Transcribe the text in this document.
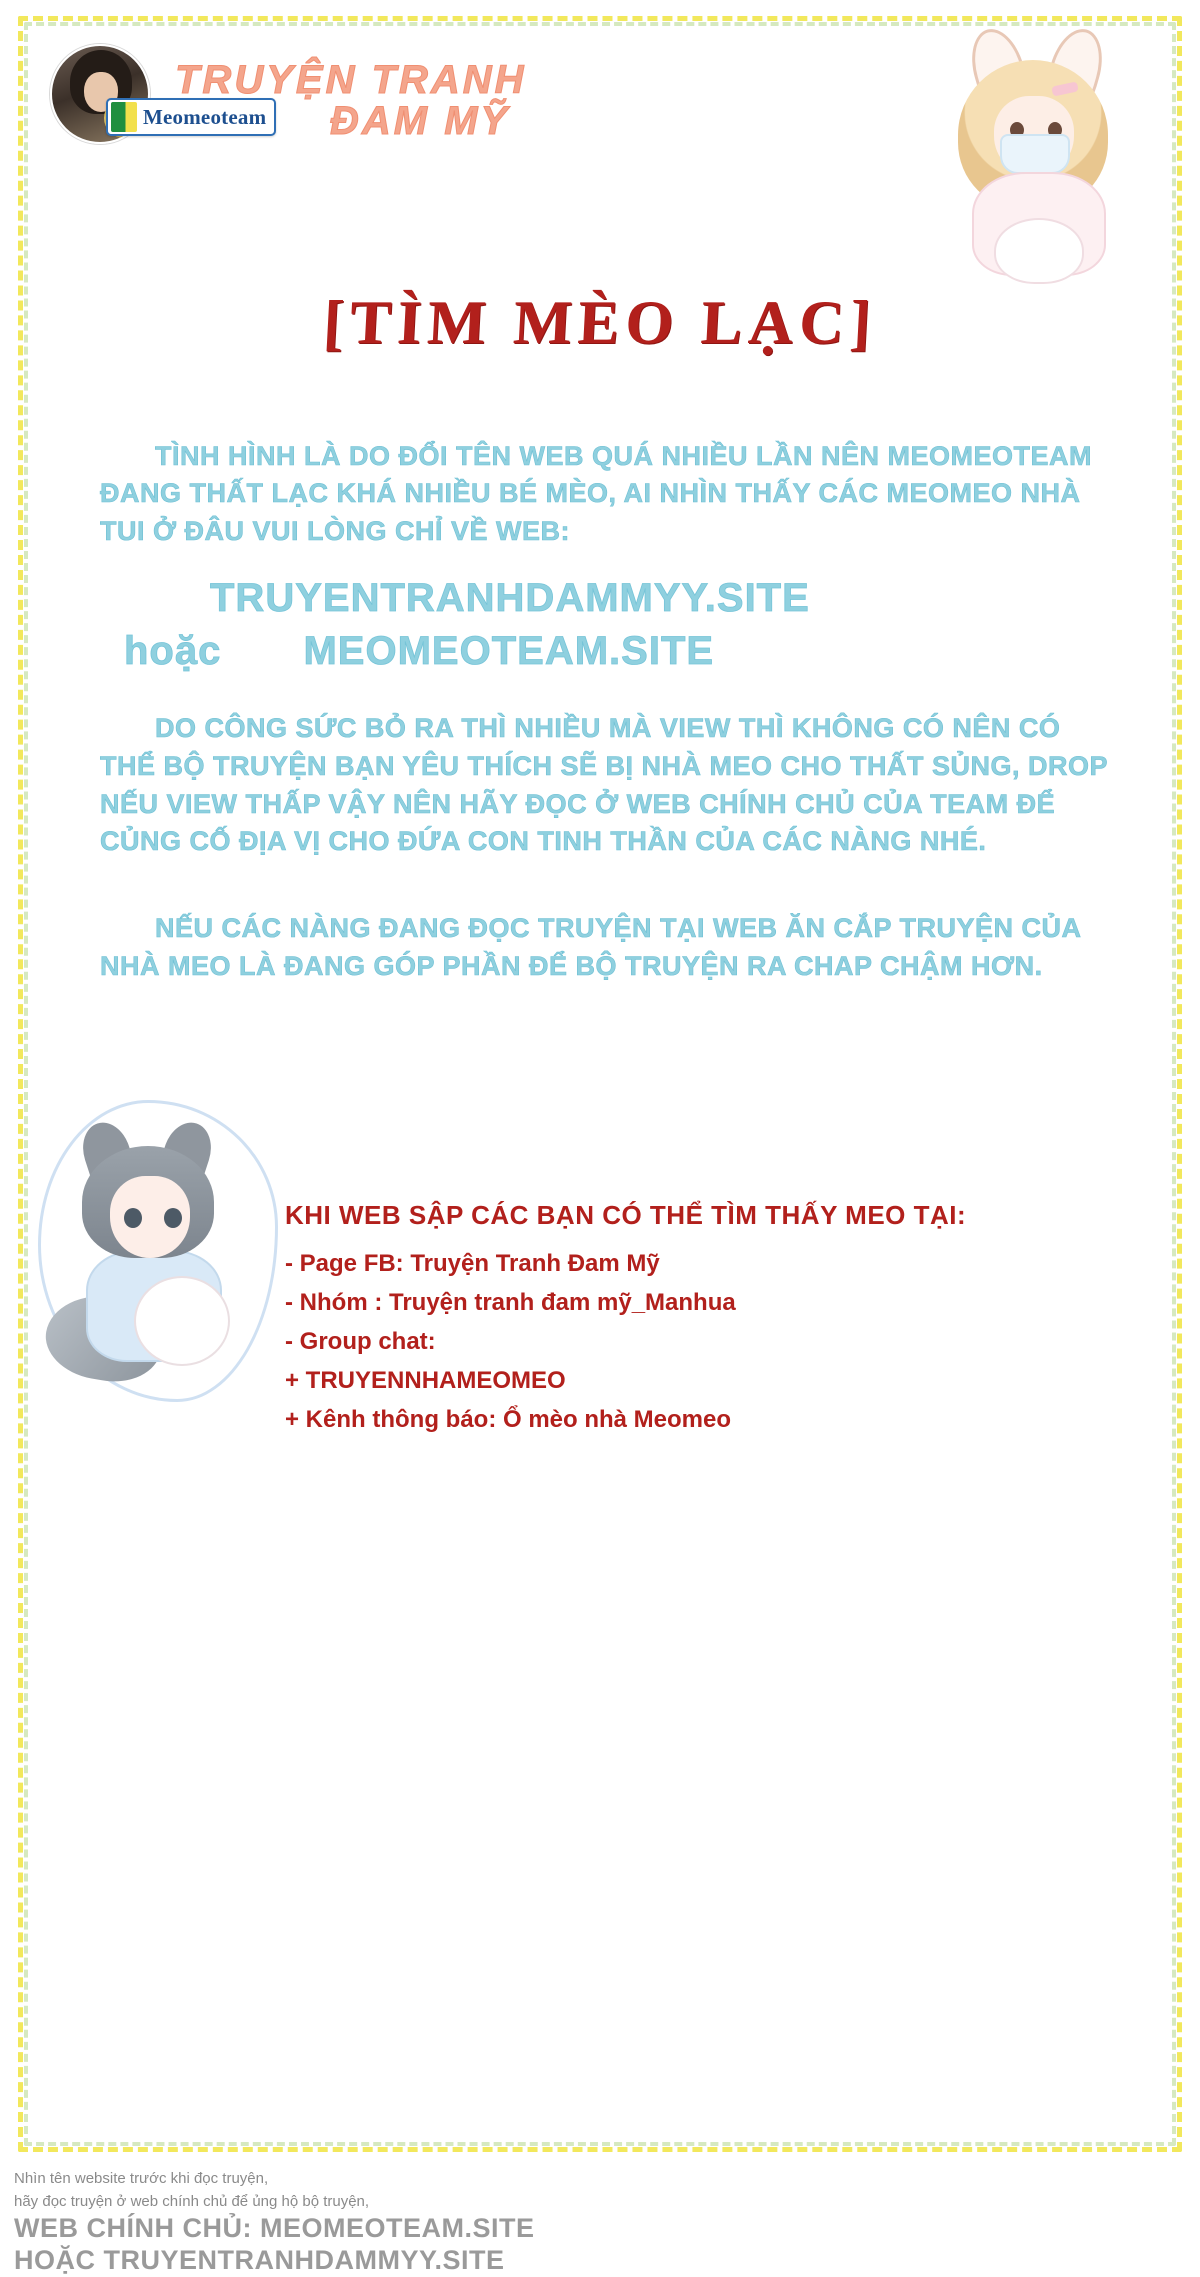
Meomeoteam
TRUYỆN TRANH
ĐAM MỸ
[TÌM MÈO LẠC]
TÌNH HÌNH LÀ DO ĐỔI TÊN WEB QUÁ NHIỀU LẦN NÊN MEOMEOTEAM ĐANG THẤT LẠC KHÁ NHIỀU BÉ MÈO, AI NHÌN THẤY CÁC MEOMEO NHÀ TUI Ở ĐÂU VUI LÒNG CHỈ VỀ WEB:
TRUYENTRANHDAMMYY.SITE
hoặc MEOMEOTEAM.SITE
DO CÔNG SỨC BỎ RA THÌ NHIỀU MÀ VIEW THÌ KHÔNG CÓ NÊN CÓ THỂ BỘ TRUYỆN BẠN YÊU THÍCH SẼ BỊ NHÀ MEO CHO THẤT SỦNG, DROP NẾU VIEW THẤP VẬY NÊN HÃY ĐỌC Ở WEB CHÍNH CHỦ CỦA TEAM ĐỂ CỦNG CỐ ĐỊA VỊ CHO ĐỨA CON TINH THẦN CỦA CÁC NÀNG NHÉ.
NẾU CÁC NÀNG ĐANG ĐỌC TRUYỆN TẠI WEB ĂN CẮP TRUYỆN CỦA NHÀ MEO LÀ ĐANG GÓP PHẦN ĐỂ BỘ TRUYỆN RA CHAP CHẬM HƠN.
KHI WEB SẬP CÁC BẠN CÓ THỂ TÌM THẤY MEO TẠI:
- Page FB: Truyện Tranh Đam Mỹ
- Nhóm : Truyện tranh đam mỹ_Manhua
- Group chat:
+ TRUYENNHAMEOMEO
+ Kênh thông báo: Ổ mèo nhà Meomeo
Nhìn tên website trước khi đọc truyện,
hãy đọc truyện ở web chính chủ để ủng hộ bộ truyện,
WEB CHÍNH CHỦ: MEOMEOTEAM.SITE
HOẶC TRUYENTRANHDAMMYY.SITE
